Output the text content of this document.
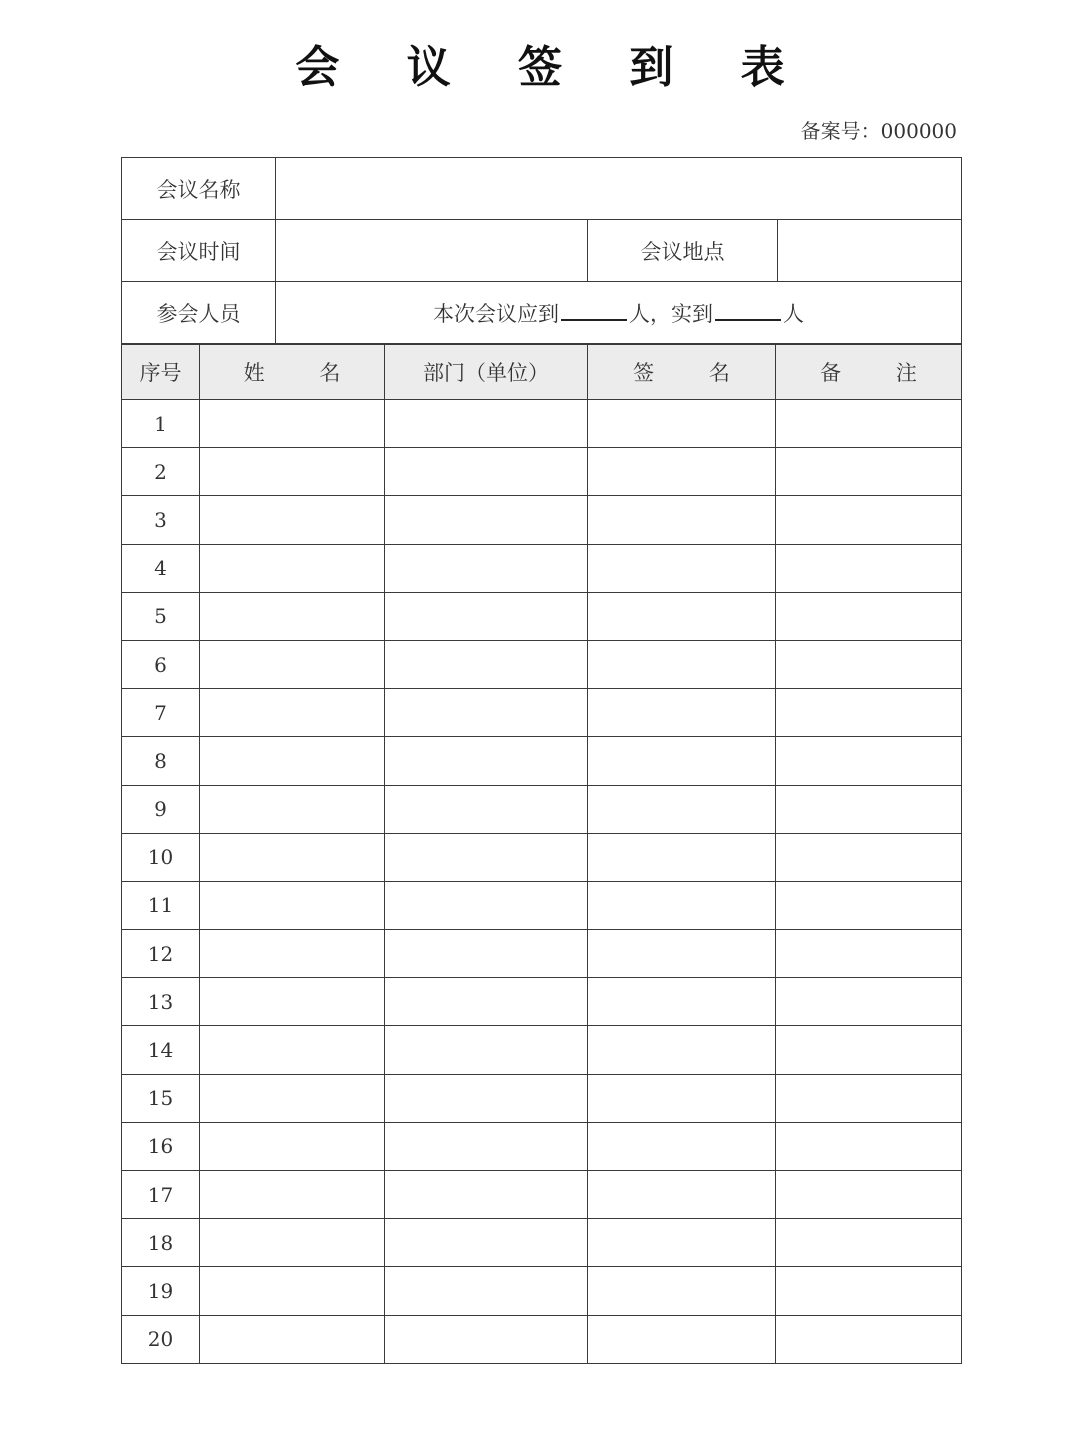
会 议 签 到 表
备案号：000000
会议名称			
会议时间		会议地点	
参会人员	本次会议应到 人，实到 人		
序号	姓 名	部门（单位）	签 名	备 注
1				
2				
3				
4				
5				
6				
7				
8				
9				
10				
11				
12				
13				
14				
15				
16				
17				
18				
19				
20				
